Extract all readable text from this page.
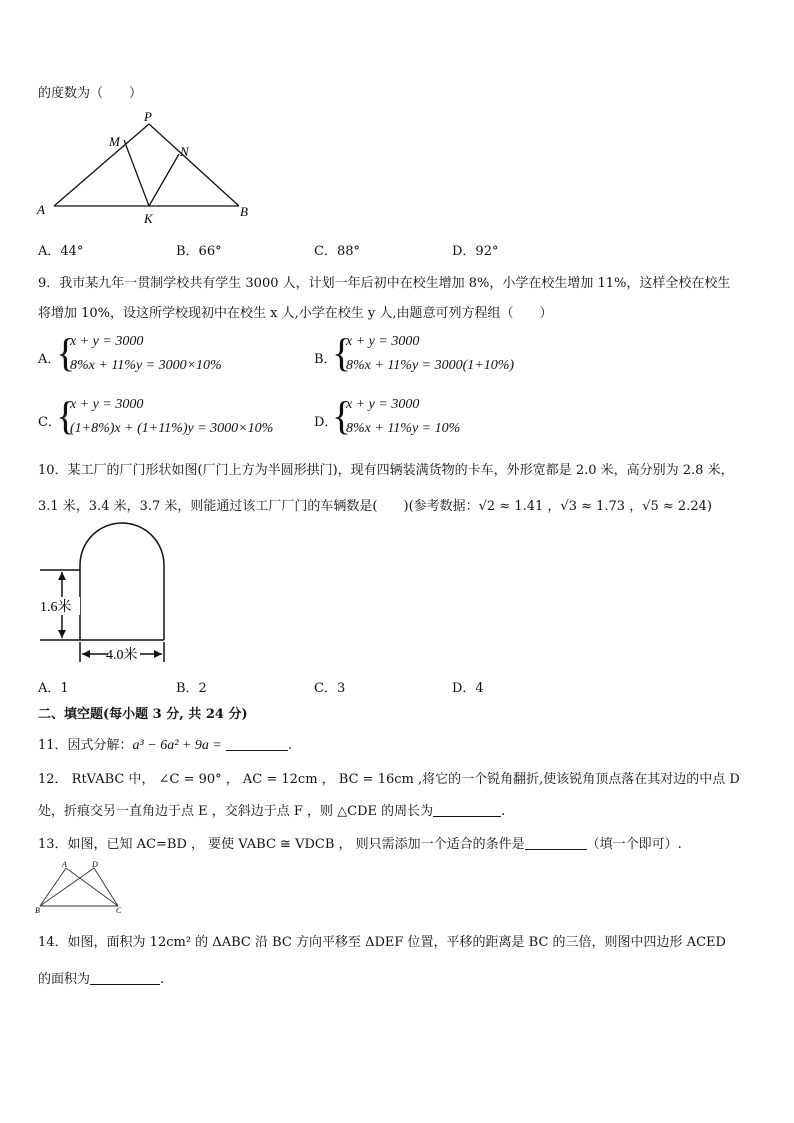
的度数为（　　）
P
M
N
A
K	B
A．44°	B．66°	C．88°	D．92°
9．我市某九年一贯制学校共有学生 3000 人，计划一年后初中在校生增加 8%，小学在校生增加 11%，这样全校在校生
将增加 10%，设这所学校现初中在校生 x 人,小学在校生 y 人,由题意可列方程组（　　）
A．
{
x + y = 3000
8%x + 11%y = 3000×10%	B．
{
x + y = 3000
8%x + 11%y = 3000(1+10%)
C．
{
x + y = 3000
(1+8%)x + (1+11%)y = 3000×10%	D．
{
x + y = 3000
8%x + 11%y = 10%
10．某工厂的厂门形状如图(厂门上方为半圆形拱门)，现有四辆装满货物的卡车，外形宽都是 2.0 米，高分别为 2.8 米，
3.1 米，3.4 米，3.7 米，则能通过该工厂厂门的车辆数是(　　)(参考数据：√2 ≈ 1.41 ，√3 ≈ 1.73 ，√5 ≈ 2.24)
1.6米
4.0米
A．1	B．2	C．3	D．4
二、填空题(每小题 3 分, 共 24 分)
11．因式分解：a³ − 6a² + 9a =	.
12． RtVABC 中， ∠C = 90° ， AC = 12cm ， BC = 16cm ,将它的一个锐角翻折,使该锐角顶点落在其对边的中点 D
处，折痕交另一直角边于点 E ，交斜边于点 F ，则 △CDE 的周长为	.
13．如图，已知 AC=BD ， 要使 VABC ≅ VDCB ， 则只需添加一个适合的条件是	（填一个即可）.
A	D
B	C
14．如图，面积为 12cm² 的 ΔABC 沿 BC 方向平移至 ΔDEF 位置，平移的距离是 BC 的三倍，则图中四边形 ACED
的面积为	.
